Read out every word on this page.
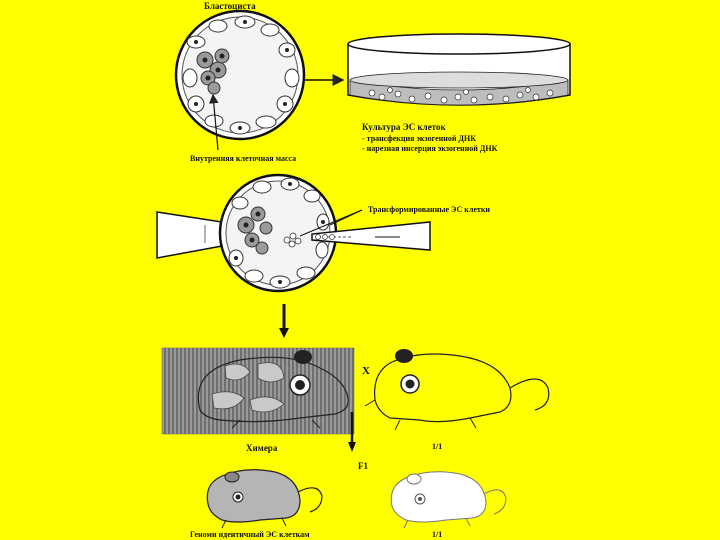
Бластоциста
Внутренняя клеточная масса
Культура ЭС клеток
- трансфекция экзогенной ДНК
- нарезная инсерция экзогенной ДНК
Трансформированные ЭС клетки
Химера
X
1/1
F1
Геноми идентичный ЭС клеткам	1/1
